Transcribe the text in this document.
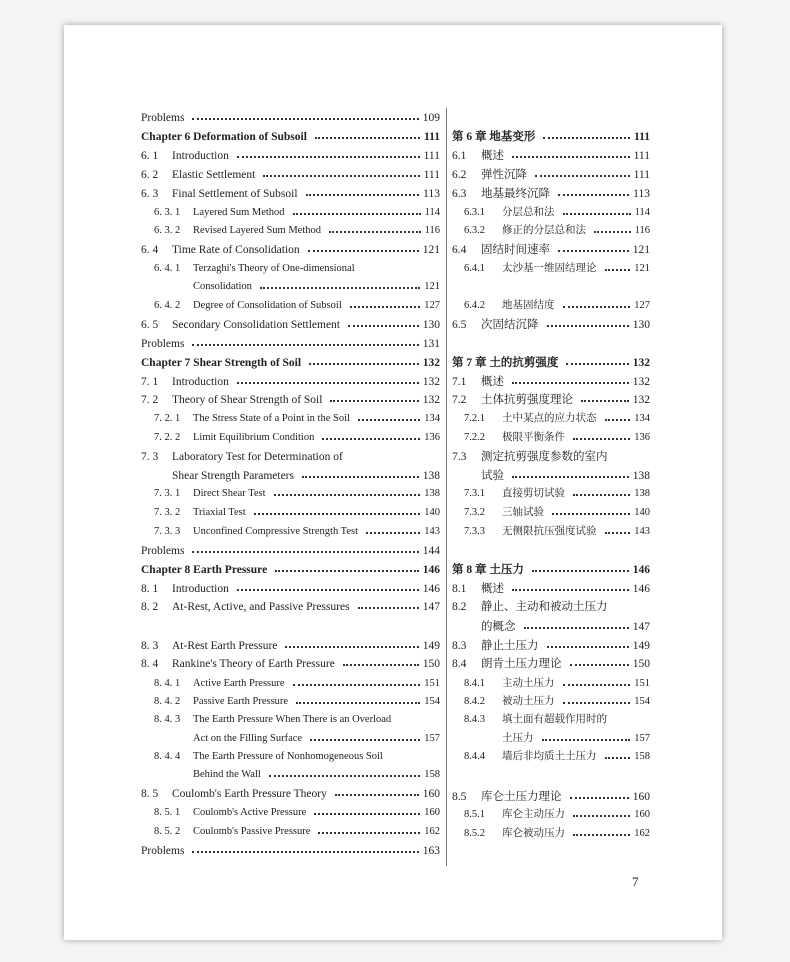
Problems	109
Chapter 6 Deformation of Subsoil	111
6. 1	Introduction	111
6. 2	Elastic Settlement	111
6. 3	Final Settlement of Subsoil	113
6. 3. 1	Layered Sum Method	114
6. 3. 2	Revised Layered Sum Method	116
6. 4	Time Rate of Consolidation	121
6. 4. 1	Terzaghi's Theory of One-dimensional
Consolidation	121
6. 4. 2	Degree of Consolidation of Subsoil	127
6. 5	Secondary Consolidation Settlement	130
Problems	131
Chapter 7 Shear Strength of Soil	132
7. 1	Introduction	132
7. 2	Theory of Shear Strength of Soil	132
7. 2. 1	The Stress State of a Point in the Soil	134
7. 2. 2	Limit Equilibrium Condition	136
7. 3	Laboratory Test for Determination of
Shear Strength Parameters	138
7. 3. 1	Direct Shear Test	138
7. 3. 2	Triaxial Test	140
7. 3. 3	Unconfined Compressive Strength Test	143
Problems	144
Chapter 8 Earth Pressure	146
8. 1	Introduction	146
8. 2	At-Rest, Active, and Passive Pressures	147
8. 3	At-Rest Earth Pressure	149
8. 4	Rankine's Theory of Earth Pressure	150
8. 4. 1	Active Earth Pressure	151
8. 4. 2	Passive Earth Pressure	154
8. 4. 3	The Earth Pressure When There is an Overload
Act on the Filling Surface	157
8. 4. 4	The Earth Pressure of Nonhomogeneous Soil
Behind the Wall	158
8. 5	Coulomb's Earth Pressure Theory	160
8. 5. 1	Coulomb's Active Pressure	160
8. 5. 2	Coulomb's Passive Pressure	162
Problems	163
第 6 章 地基变形	111
6.1	概述	111
6.2	弹性沉降	111
6.3	地基最终沉降	113
6.3.1	分层总和法	114
6.3.2	修正的分层总和法	116
6.4	固结时间速率	121
6.4.1	太沙基一维固结理论	121
6.4.2	地基固结度	127
6.5	次固结沉降	130
第 7 章 土的抗剪强度	132
7.1	概述	132
7.2	土体抗剪强度理论	132
7.2.1	土中某点的应力状态	134
7.2.2	极限平衡条件	136
7.3	测定抗剪强度参数的室内
试验	138
7.3.1	直接剪切试验	138
7.3.2	三轴试验	140
7.3.3	无侧限抗压强度试验	143
第 8 章 土压力	146
8.1	概述	146
8.2	静止、主动和被动土压力
的概念	147
8.3	静止土压力	149
8.4	朗肯土压力理论	150
8.4.1	主动土压力	151
8.4.2	被动土压力	154
8.4.3	填土面有超载作用时的
土压力	157
8.4.4	墙后非均质土土压力	158
8.5	库仑土压力理论	160
8.5.1	库仑主动压力	160
8.5.2	库仑被动压力	162
7
